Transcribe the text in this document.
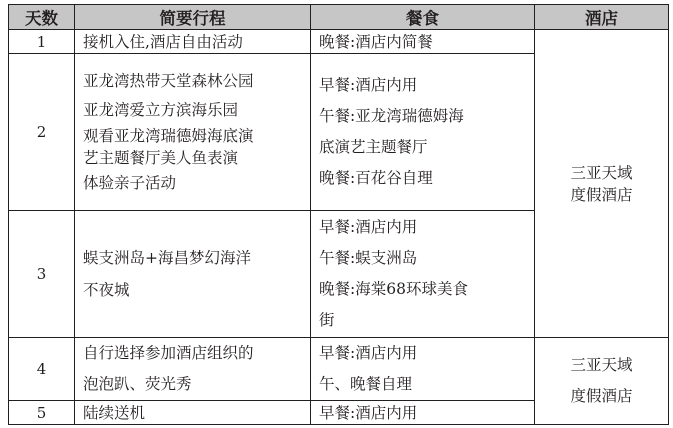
天数	简要行程	餐食	酒店
1	接机入住,酒店自由活动	晚餐:酒店内简餐	三亚天域
度假酒店

2	亚龙湾热带天堂森林公园
亚龙湾爱立方滨海乐园
观看亚龙湾瑞德姆海底演
艺主题餐厅美人鱼表演
体验亲子活动	早餐:酒店内用
午餐:亚龙湾瑞德姆海
底演艺主题餐厅
晚餐:百花谷自理	

3	蜈支洲岛+海昌梦幻海洋
不夜城	早餐:酒店内用
午餐:蜈支洲岛
晚餐:海棠68环球美食
街	

4	自行选择参加酒店组织的
泡泡趴、荧光秀	早餐:酒店内用
午、晚餐自理	三亚天域
度假酒店

5	陆续送机	早餐:酒店内用	
